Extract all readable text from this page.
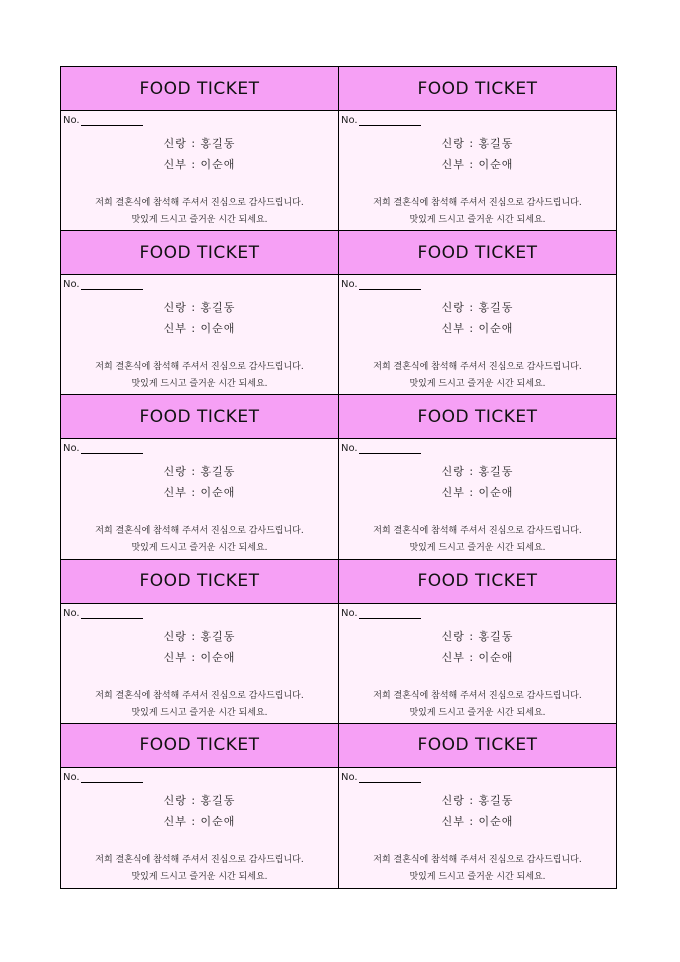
FOOD TICKET
No.
신랑 : 홍길동
신부 : 이순애
저희 결혼식에 참석해 주셔서 진심으로 감사드립니다.
맛있게 드시고 즐거운 시간 되세요.
FOOD TICKET
No.
신랑 : 홍길동
신부 : 이순애
저희 결혼식에 참석해 주셔서 진심으로 감사드립니다.
맛있게 드시고 즐거운 시간 되세요.
FOOD TICKET
No.
신랑 : 홍길동
신부 : 이순애
저희 결혼식에 참석해 주셔서 진심으로 감사드립니다.
맛있게 드시고 즐거운 시간 되세요.
FOOD TICKET
No.
신랑 : 홍길동
신부 : 이순애
저희 결혼식에 참석해 주셔서 진심으로 감사드립니다.
맛있게 드시고 즐거운 시간 되세요.
FOOD TICKET
No.
신랑 : 홍길동
신부 : 이순애
저희 결혼식에 참석해 주셔서 진심으로 감사드립니다.
맛있게 드시고 즐거운 시간 되세요.
FOOD TICKET
No.
신랑 : 홍길동
신부 : 이순애
저희 결혼식에 참석해 주셔서 진심으로 감사드립니다.
맛있게 드시고 즐거운 시간 되세요.
FOOD TICKET
No.
신랑 : 홍길동
신부 : 이순애
저희 결혼식에 참석해 주셔서 진심으로 감사드립니다.
맛있게 드시고 즐거운 시간 되세요.
FOOD TICKET
No.
신랑 : 홍길동
신부 : 이순애
저희 결혼식에 참석해 주셔서 진심으로 감사드립니다.
맛있게 드시고 즐거운 시간 되세요.
FOOD TICKET
No.
신랑 : 홍길동
신부 : 이순애
저희 결혼식에 참석해 주셔서 진심으로 감사드립니다.
맛있게 드시고 즐거운 시간 되세요.
FOOD TICKET
No.
신랑 : 홍길동
신부 : 이순애
저희 결혼식에 참석해 주셔서 진심으로 감사드립니다.
맛있게 드시고 즐거운 시간 되세요.
